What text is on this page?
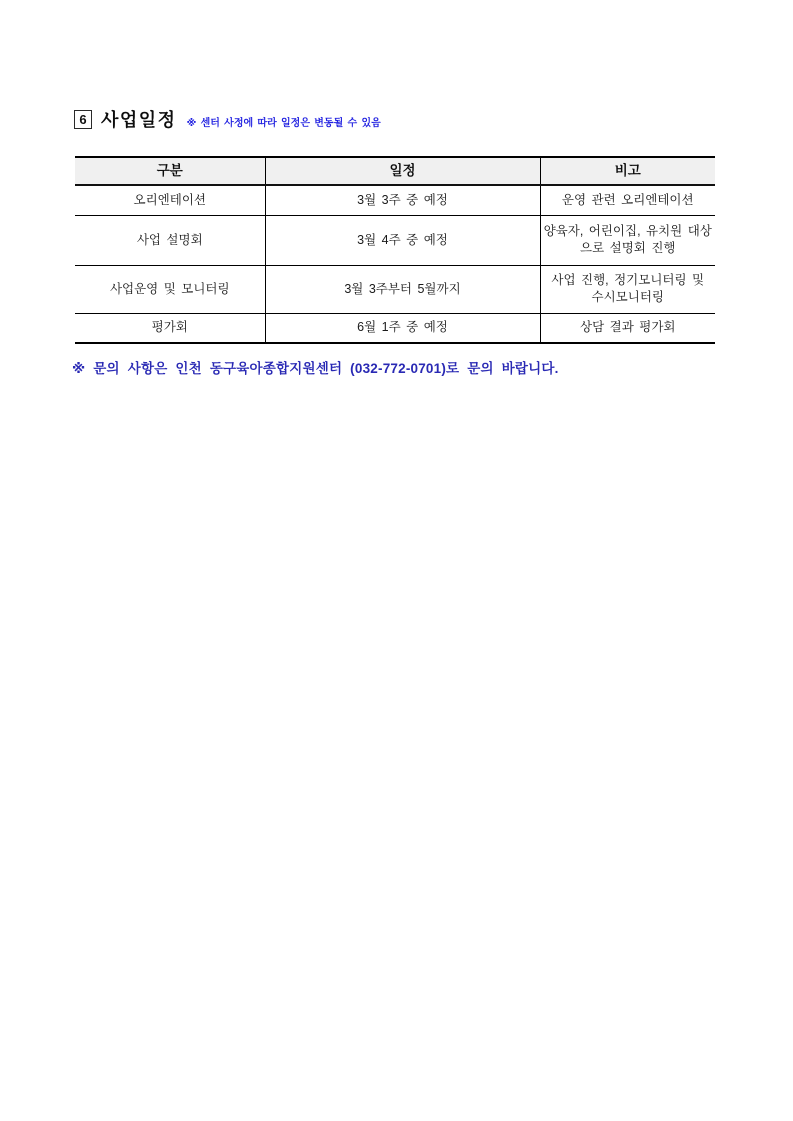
6 사업일정 ※ 센터 사정에 따라 일정은 변동될 수 있음
구분	일정	비고
오리엔테이션	3월 3주 중 예정	운영 관련 오리엔테이션
사업 설명회	3월 4주 중 예정	양육자, 어린이집, 유치원 대상으로 설명회 진행
사업운영 및 모니터링	3월 3주부터 5월까지	사업 진행, 정기모니터링 및 수시모니터링
평가회	6월 1주 중 예정	상담 결과 평가회
※ 문의 사항은 인천 동구육아종합지원센터 (032-772-0701)로 문의 바랍니다.
